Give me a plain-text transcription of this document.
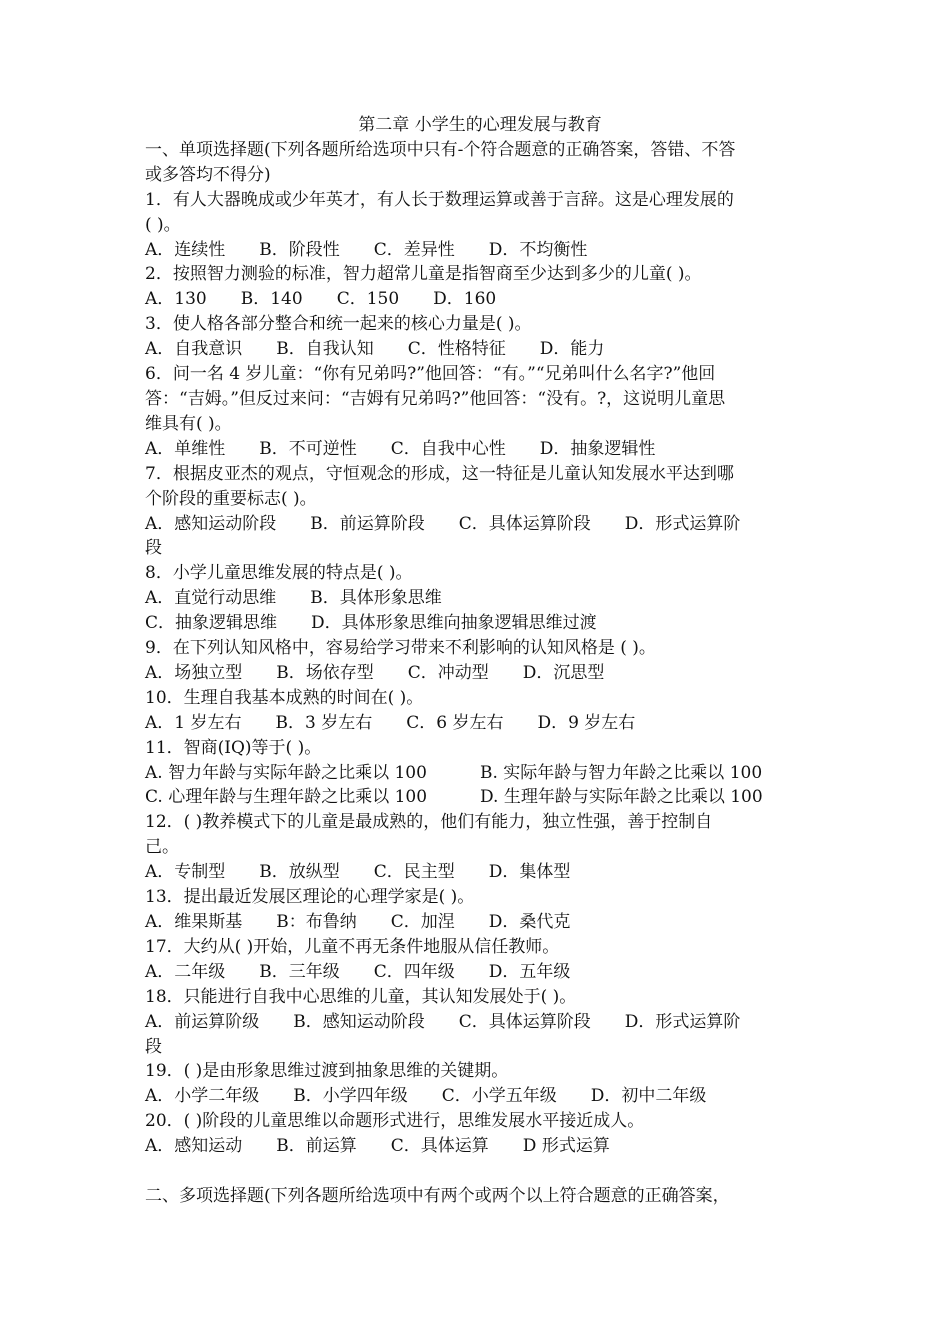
第二章 小学生的心理发展与教育
一、单项选择题(下列各题所给选项中只有-个符合题意的正确答案，答错、不答
或多答均不得分)
1．有人大器晚成或少年英才，有人长于数理运算或善于言辞。这是心理发展的
( )。
A．连续性 B．阶段性 C．差异性 D．不均衡性
2．按照智力测验的标准，智力超常儿童是指智商至少达到多少的儿童( )。
A．130 B．140 C．150 D．160
3．使人格各部分整合和统一起来的核心力量是( )。
A．自我意识 B．自我认知 C．性格特征 D．能力
6．问一名 4 岁儿童：“你有兄弟吗?”他回答：“有。”“兄弟叫什么名字?”他回
答：“吉姆。”但反过来问：“吉姆有兄弟吗?”他回答：“没有。?，这说明儿童思
维具有( )。
A．单维性 B．不可逆性 C．自我中心性 D．抽象逻辑性
7．根据皮亚杰的观点，守恒观念的形成，这一特征是儿童认知发展水平达到哪
个阶段的重要标志( )。
A．感知运动阶段 B．前运算阶段 C．具体运算阶段 D．形式运算阶
段
8．小学儿童思维发展的特点是( )。
A．直觉行动思维 B．具体形象思维
C．抽象逻辑思维 D．具体形象思维向抽象逻辑思维过渡
9．在下列认知风格中，容易给学习带来不利影响的认知风格是 ( )。
A．场独立型 B．场依存型 C．冲动型 D．沉思型
10．生理自我基本成熟的时间在( )。
A．1 岁左右 B．3 岁左右 C．6 岁左右 D．9 岁左右
11．智商(IQ)等于( )。
A. 智力年龄与实际年龄之比乘以 100	B. 实际年龄与智力年龄之比乘以 100
C. 心理年龄与生理年龄之比乘以 100	D. 生理年龄与实际年龄之比乘以 100
12．( )教养模式下的儿童是最成熟的，他们有能力，独立性强，善于控制自
己。
A．专制型 B．放纵型 C．民主型 D．集体型
13．提出最近发展区理论的心理学家是( )。
A．维果斯基 B：布鲁纳 C．加涅 D．桑代克
17．大约从( )开始，儿童不再无条件地服从信任教师。
A．二年级 B．三年级 C．四年级 D．五年级
18．只能进行自我中心思维的儿童，其认知发展处于( )。
A．前运算阶级 B．感知运动阶段 C．具体运算阶段 D．形式运算阶
段
19．( )是由形象思维过渡到抽象思维的关键期。
A．小学二年级 B．小学四年级 C．小学五年级 D．初中二年级
20．( )阶段的儿童思维以命题形式进行，思维发展水平接近成人。
A．感知运动 B．前运算 C．具体运算 D 形式运算
二、多项选择题(下列各题所给选项中有两个或两个以上符合题意的正确答案，
